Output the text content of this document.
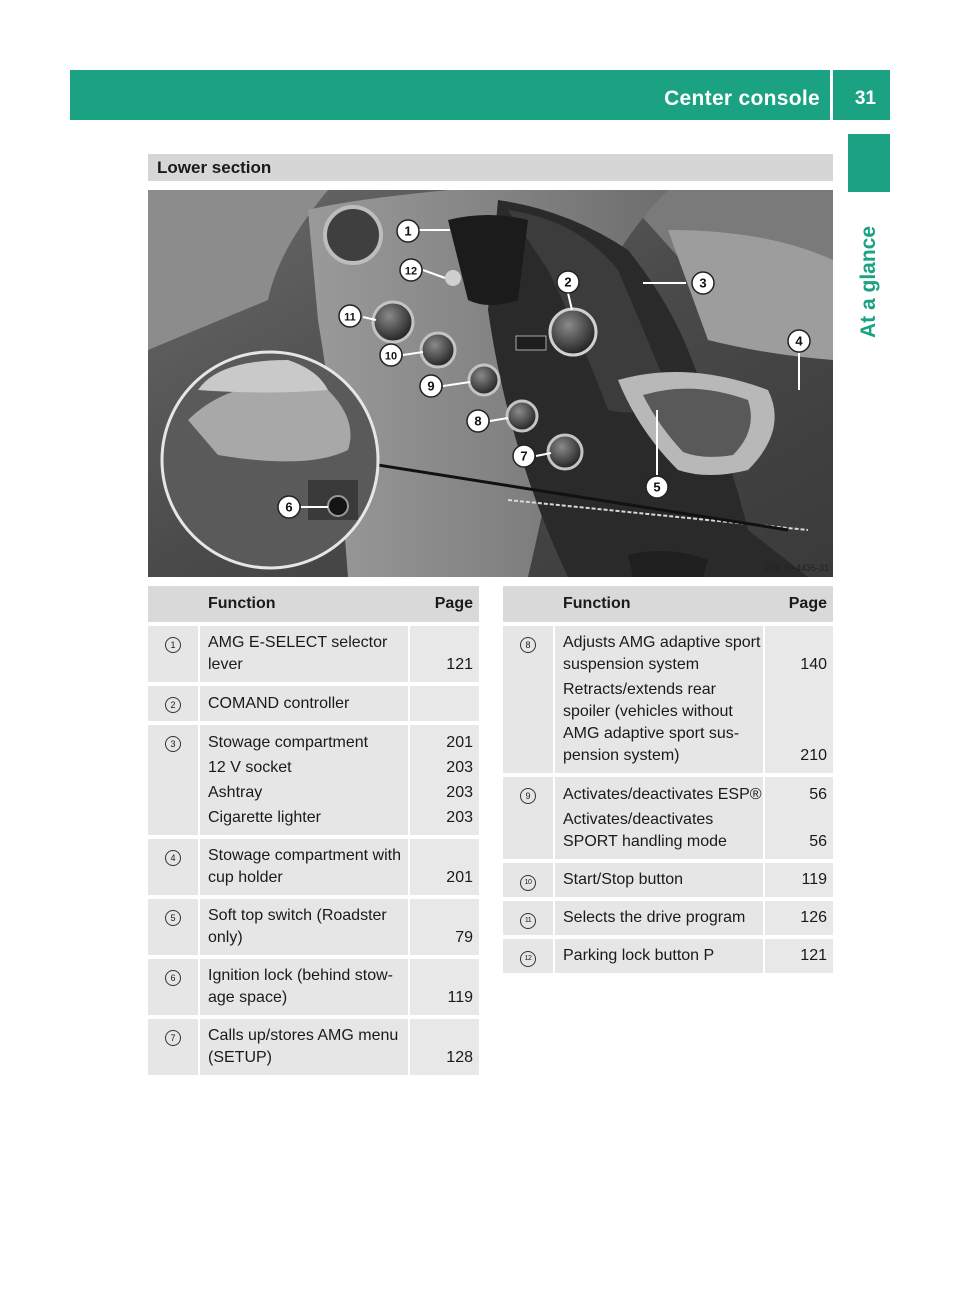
Center console 31
At a glance
Lower section
1
12
11
10
9
8
7
2	3
4
5
6
P68.20-4435-31
	Function	Page
1	AMG E-SELECT selector lever	121
2	COMAND controller	
3	Stowage compartment	201
	12 V socket	203
	Ashtray	203
	Cigarette lighter	203
4	Stowage compartment with cup holder	201
5	Soft top switch (Roadster only)	79
6	Ignition lock (behind stow-age space)	119
7	Calls up/stores AMG menu (SETUP)	128
	Function	Page
8	Adjusts AMG adaptive sport suspension system	140
	Retracts/extends rear spoiler (vehicles without AMG adaptive sport sus-pension system)	210
9	Activates/deactivates ESP®	56
	Activates/deactivates SPORT handling mode	56
10	Start/Stop button	119
11	Selects the drive program	126
12	Parking lock button P	121
